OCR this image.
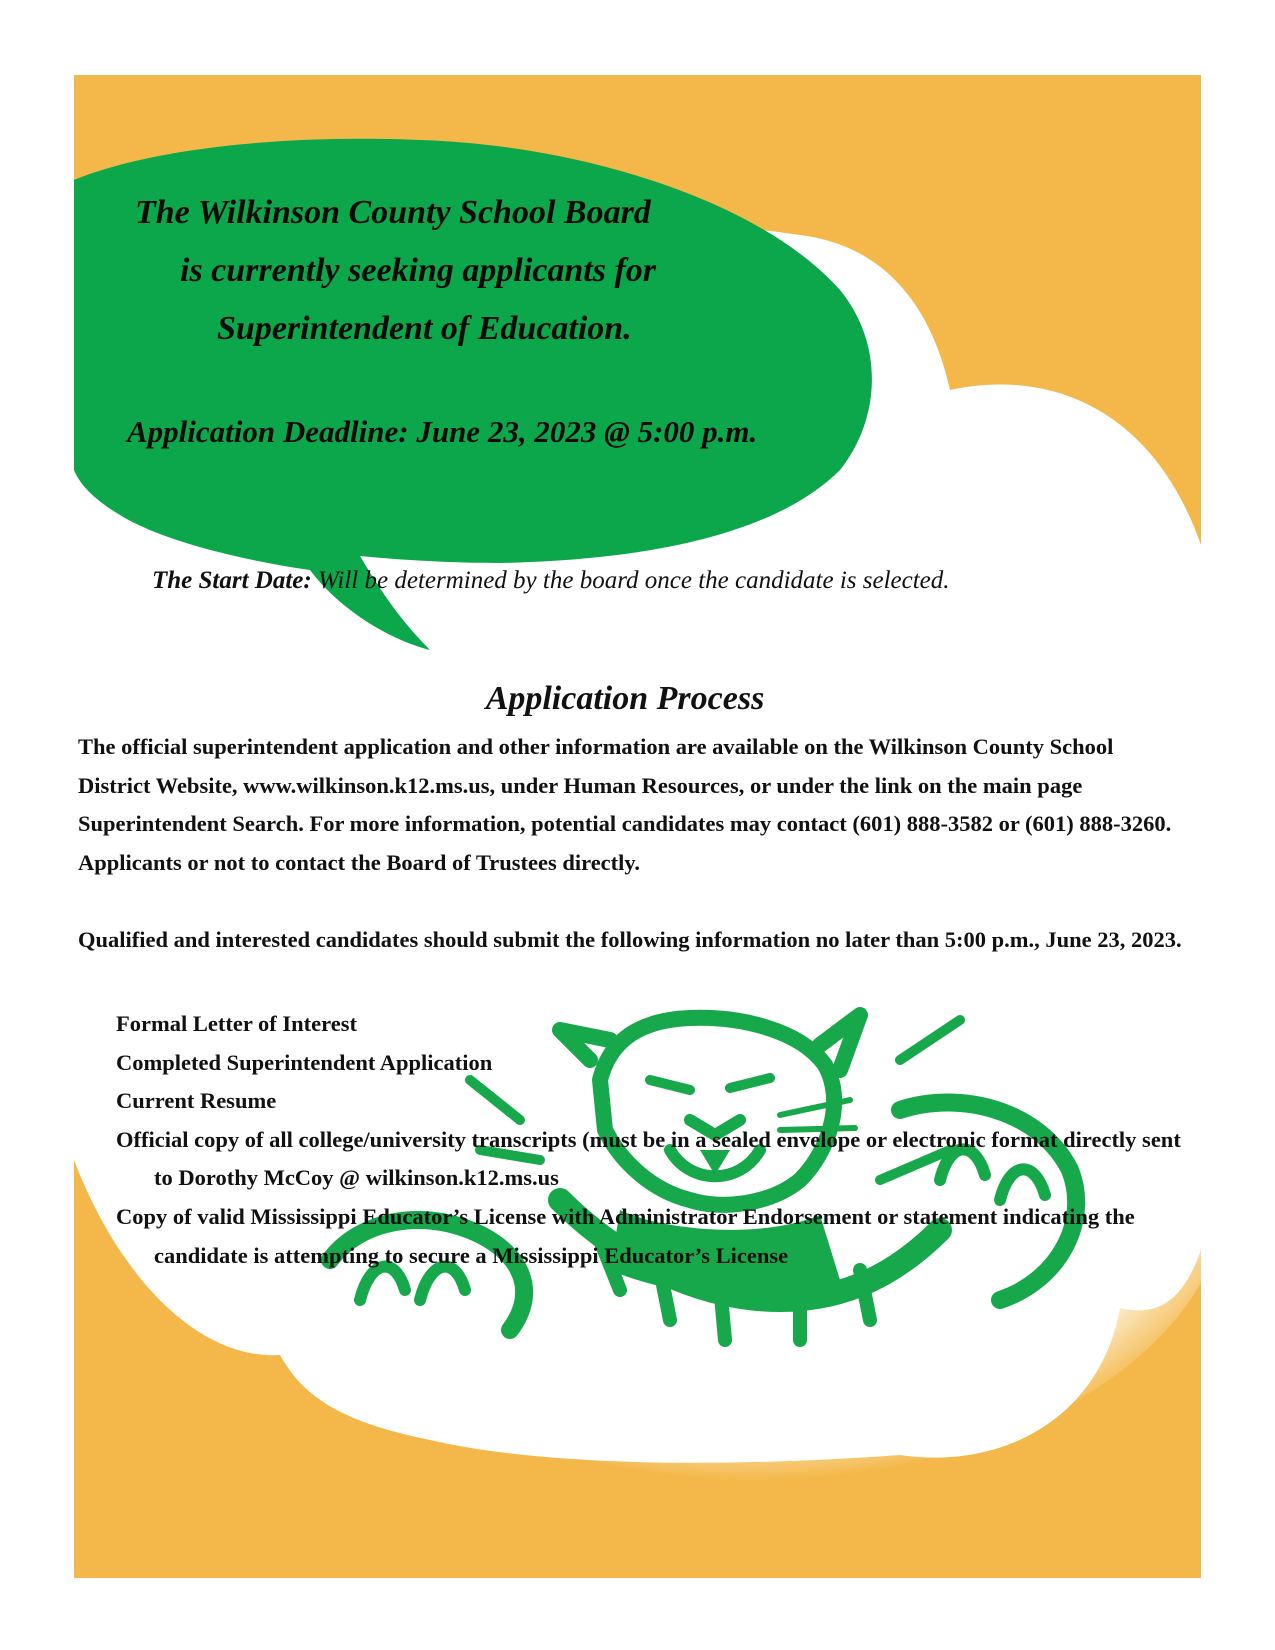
The Wilkinson County School Board

is currently seeking applicants for

Superintendent of Education.

Application Deadline: June 23, 2023 @ 5:00 p.m.

The Start Date: Will be determined by the board once the candidate is selected.

Application Process

The official superintendent application and other information are available on the Wilkinson County School District Website, www.wilkinson.k12.ms.us, under Human Resources, or under the link on the main page Superintendent Search. For more information, potential candidates may contact (601) 888-3582 or (601) 888-3260. Applicants or not to contact the Board of Trustees directly.

Qualified and interested candidates should submit the following information no later than 5:00 p.m., June 23, 2023.

Formal Letter of Interest
Completed Superintendent Application
Current Resume
Official copy of all college/university transcripts (must be in a sealed envelope or electronic format directly sent to Dorothy McCoy @ wilkinson.k12.ms.us
Copy of valid Mississippi Educator’s License with Administrator Endorsement or statement indicating the candidate is attempting to secure a Mississippi Educator’s License
